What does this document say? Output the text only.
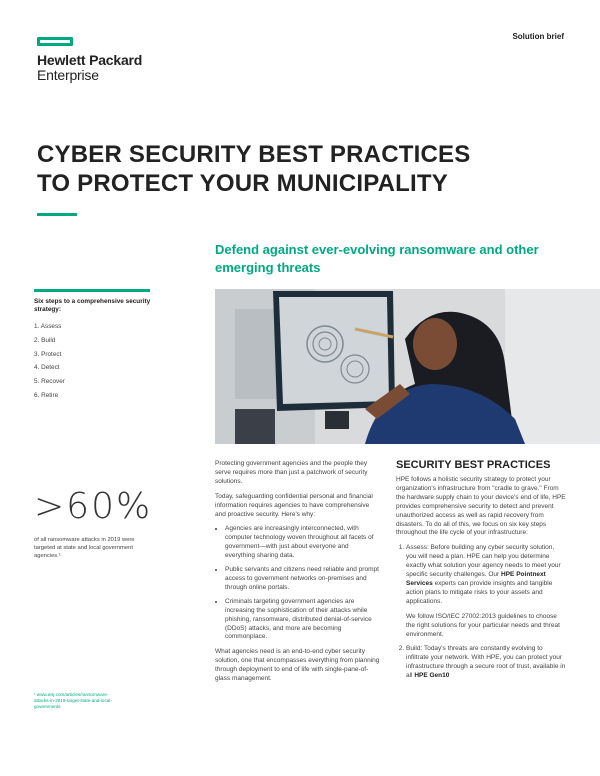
Hewlett Packard
Enterprise
Solution brief
CYBER SECURITY BEST PRACTICES
TO PROTECT YOUR MUNICIPALITY
Defend against ever-evolving ransomware and other emerging threats
Six steps to a comprehensive security strategy:
1. Assess
2. Build
3. Protect
4. Detect
5. Recover
6. Retire
>60%
of all ransomware attacks in 2019 were targeted at state and local government agencies.¹
¹ www.wsj.com/articles/ransomware-attacks-in-2019-target-state-and-local-governments

Protecting government agencies and the people they serve requires more than just a patchwork of security solutions.

Today, safeguarding confidential personal and financial information requires agencies to have comprehensive and proactive security. Here's why:

• Agencies are increasingly interconnected, with computer technology woven throughout all facets of government—with just about everyone and everything sharing data.
• Public servants and citizens need reliable and prompt access to government networks on-premises and through online portals.
• Criminals targeting government agencies are increasing the sophistication of their attacks while phishing, ransomware, distributed denial-of-service (DDoS) attacks, and more are becoming commonplace.

What agencies need is an end-to-end cyber security solution, one that encompasses everything from planning through deployment to end of life with single-pane-of-glass management.

SECURITY BEST PRACTICES

HPE follows a holistic security strategy to protect your organization's infrastructure from "cradle to grave." From the hardware supply chain to your device's end of life, HPE provides comprehensive security to detect and prevent unauthorized access as well as rapid recovery from disasters. To do all of this, we focus on six key steps throughout the life cycle of your infrastructure:

1. Assess: Before building any cyber security solution, you will need a plan. HPE can help you determine exactly what solution your agency needs to meet your specific security challenges. Our HPE Pointnext Services experts can provide insights and tangible action plans to mitigate risks to your assets and applications.

We follow ISO/IEC 27002:2013 guidelines to choose the right solutions for your particular needs and threat environment.

2. Build: Today's threats are constantly evolving to infiltrate your network. With HPE, you can protect your infrastructure through a secure root of trust, available in all HPE Gen10
